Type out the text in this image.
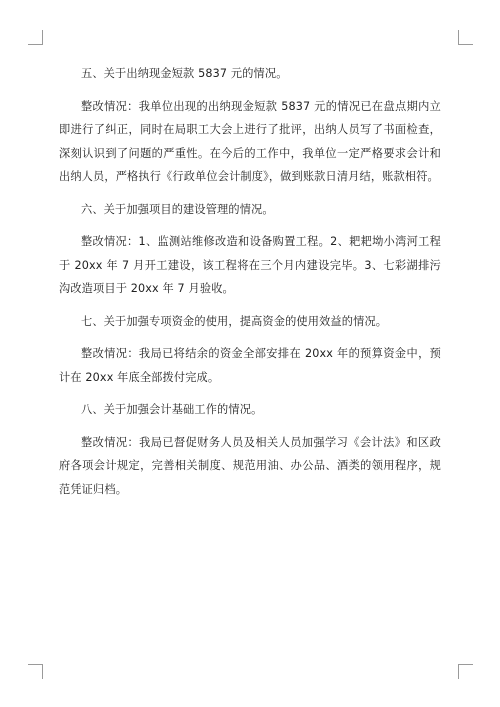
五、关于出纳现金短款 5837 元的情况。

整改情况：我单位出现的出纳现金短款 5837 元的情况已在盘点期内立即进行了纠正，同时在局职工大会上进行了批评，出纳人员写了书面检查，深刻认识到了问题的严重性。在今后的工作中，我单位一定严格要求会计和出纳人员，严格执行《行政单位会计制度》，做到账款日清月结，账款相符。

六、关于加强项目的建设管理的情况。

整改情况：1、监测站维修改造和设备购置工程。2、耙耙坳小湾河工程于 20xx 年 7 月开工建设，该工程将在三个月内建设完毕。3、七彩湖排污沟改造项目于 20xx 年 7 月验收。

七、关于加强专项资金的使用，提高资金的使用效益的情况。

整改情况：我局已将结余的资金全部安排在 20xx 年的预算资金中，预计在 20xx 年底全部拨付完成。

八、关于加强会计基础工作的情况。

整改情况：我局已督促财务人员及相关人员加强学习《会计法》和区政府各项会计规定，完善相关制度、规范用油、办公品、酒类的领用程序，规范凭证归档。
